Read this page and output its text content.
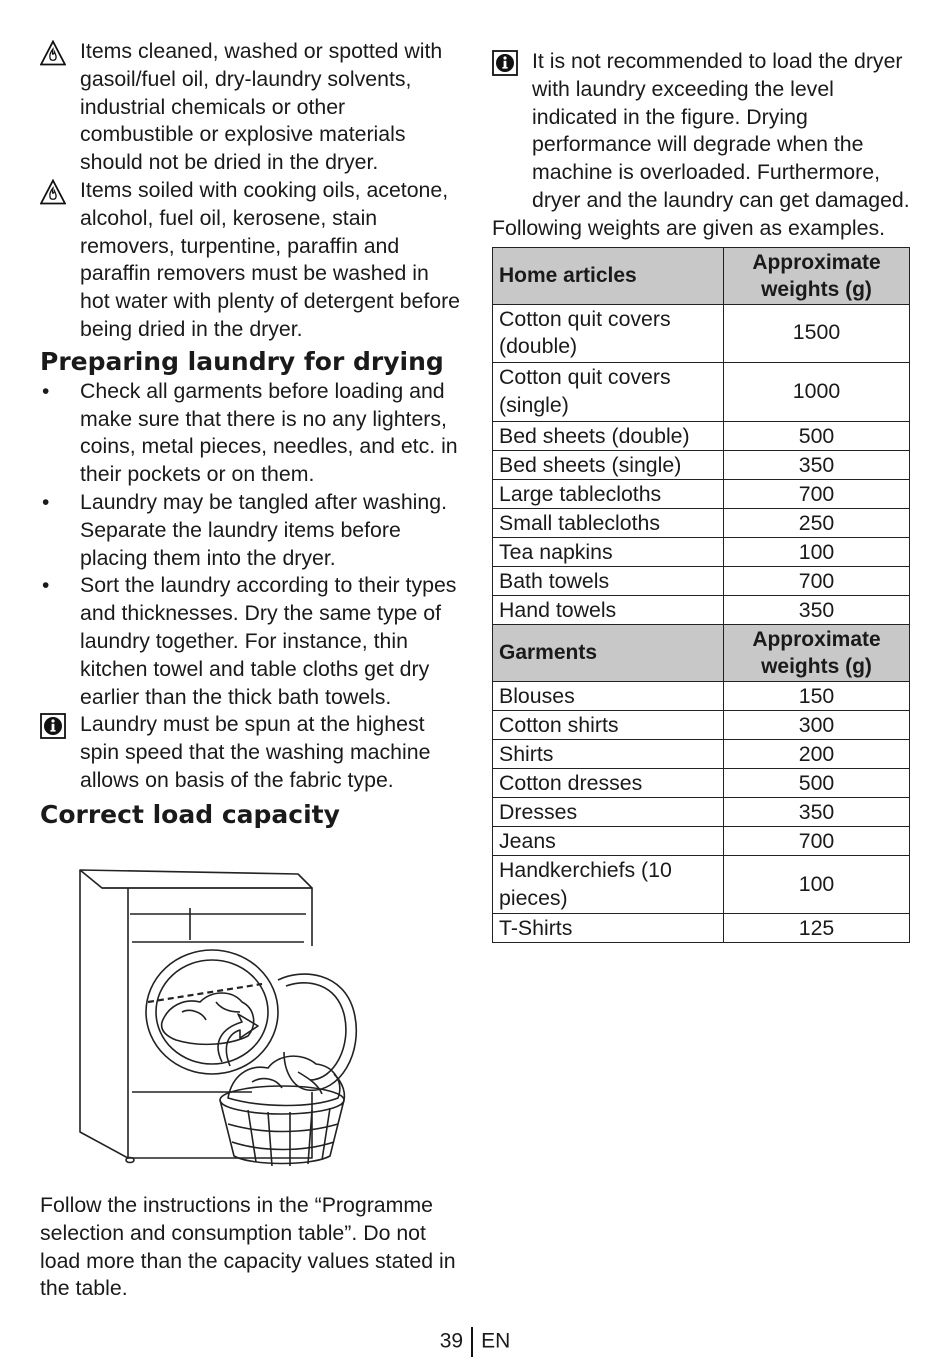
Items cleaned, washed or spotted with gasoil/fuel oil, dry-laundry solvents, industrial chemicals or other combustible or explosive materials should not be dried in the dryer.

Items soiled with cooking oils, acetone, alcohol, fuel oil, kerosene, stain removers, turpentine, paraffin and paraffin removers must be washed in hot water with plenty of detergent before being dried in the dryer.

Preparing laundry for drying

• Check all garments before loading and make sure that there is no any lighters, coins, metal pieces, needles, and etc. in their pockets or on them.

• Laundry may be tangled after washing. Separate the laundry items before placing them into the dryer.

• Sort the laundry according to their types and thicknesses. Dry the same type of laundry together. For instance, thin kitchen towel and table cloths get dry earlier than the thick bath towels.

Laundry must be spun at the highest spin speed that the washing machine allows on basis of the fabric type.

Correct load capacity

Follow the instructions in the “Programme selection and consumption table”. Do not load more than the capacity values stated in the table.

It is not recommended to load the dryer with laundry exceeding the level indicated in the figure. Drying performance will degrade when the machine is overloaded. Furthermore, dryer and the laundry can get damaged.

Following weights are given as examples.

Home articles	Approximate weights (g)
Cotton quit covers (double)	1500
Cotton quit covers (single)	1000
Bed sheets (double)	500
Bed sheets (single)	350
Large tablecloths	700
Small tablecloths	250
Tea napkins	100
Bath towels	700
Hand towels	350
Garments	Approximate weights (g)
Blouses	150
Cotton shirts	300
Shirts	200
Cotton dresses	500
Dresses	350
Jeans	700
Handkerchiefs (10 pieces)	100
T-Shirts	125
39 EN
